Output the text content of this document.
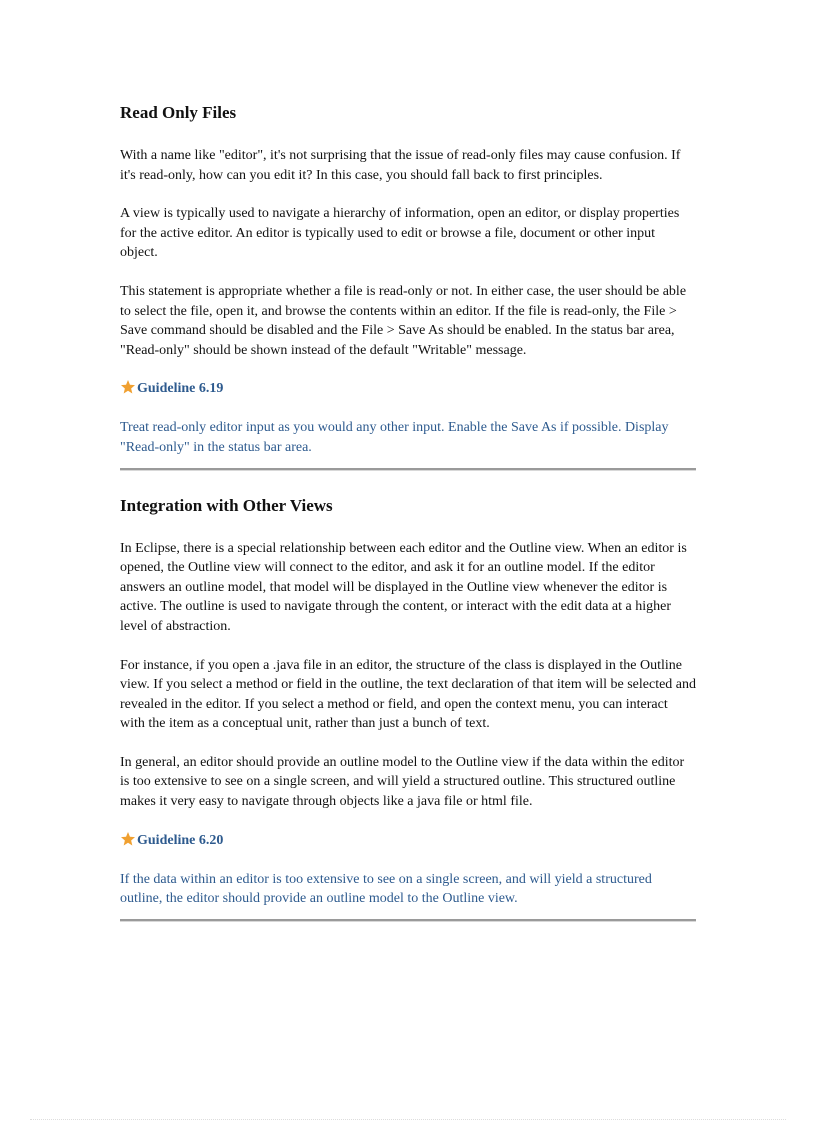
Read Only Files

With a name like "editor", it's not surprising that the issue of read-only files may cause confusion. If it's read-only, how can you edit it? In this case, you should fall back to first principles.

A view is typically used to navigate a hierarchy of information, open an editor, or display properties for the active editor. An editor is typically used to edit or browse a file, document or other input object.

This statement is appropriate whether a file is read-only or not. In either case, the user should be able to select the file, open it, and browse the contents within an editor. If the file is read-only, the File > Save command should be disabled and the File > Save As should be enabled. In the status bar area, "Read-only" should be shown instead of the default "Writable" message.

Guideline 6.19

Treat read-only editor input as you would any other input. Enable the Save As if possible. Display "Read-only" in the status bar area.

Integration with Other Views

In Eclipse, there is a special relationship between each editor and the Outline view. When an editor is opened, the Outline view will connect to the editor, and ask it for an outline model. If the editor answers an outline model, that model will be displayed in the Outline view whenever the editor is active. The outline is used to navigate through the content, or interact with the edit data at a higher level of abstraction.

For instance, if you open a .java file in an editor, the structure of the class is displayed in the Outline view. If you select a method or field in the outline, the text declaration of that item will be selected and revealed in the editor. If you select a method or field, and open the context menu, you can interact with the item as a conceptual unit, rather than just a bunch of text.

In general, an editor should provide an outline model to the Outline view if the data within the editor is too extensive to see on a single screen, and will yield a structured outline. This structured outline makes it very easy to navigate through objects like a java file or html file.

Guideline 6.20

If the data within an editor is too extensive to see on a single screen, and will yield a structured outline, the editor should provide an outline model to the Outline view.
